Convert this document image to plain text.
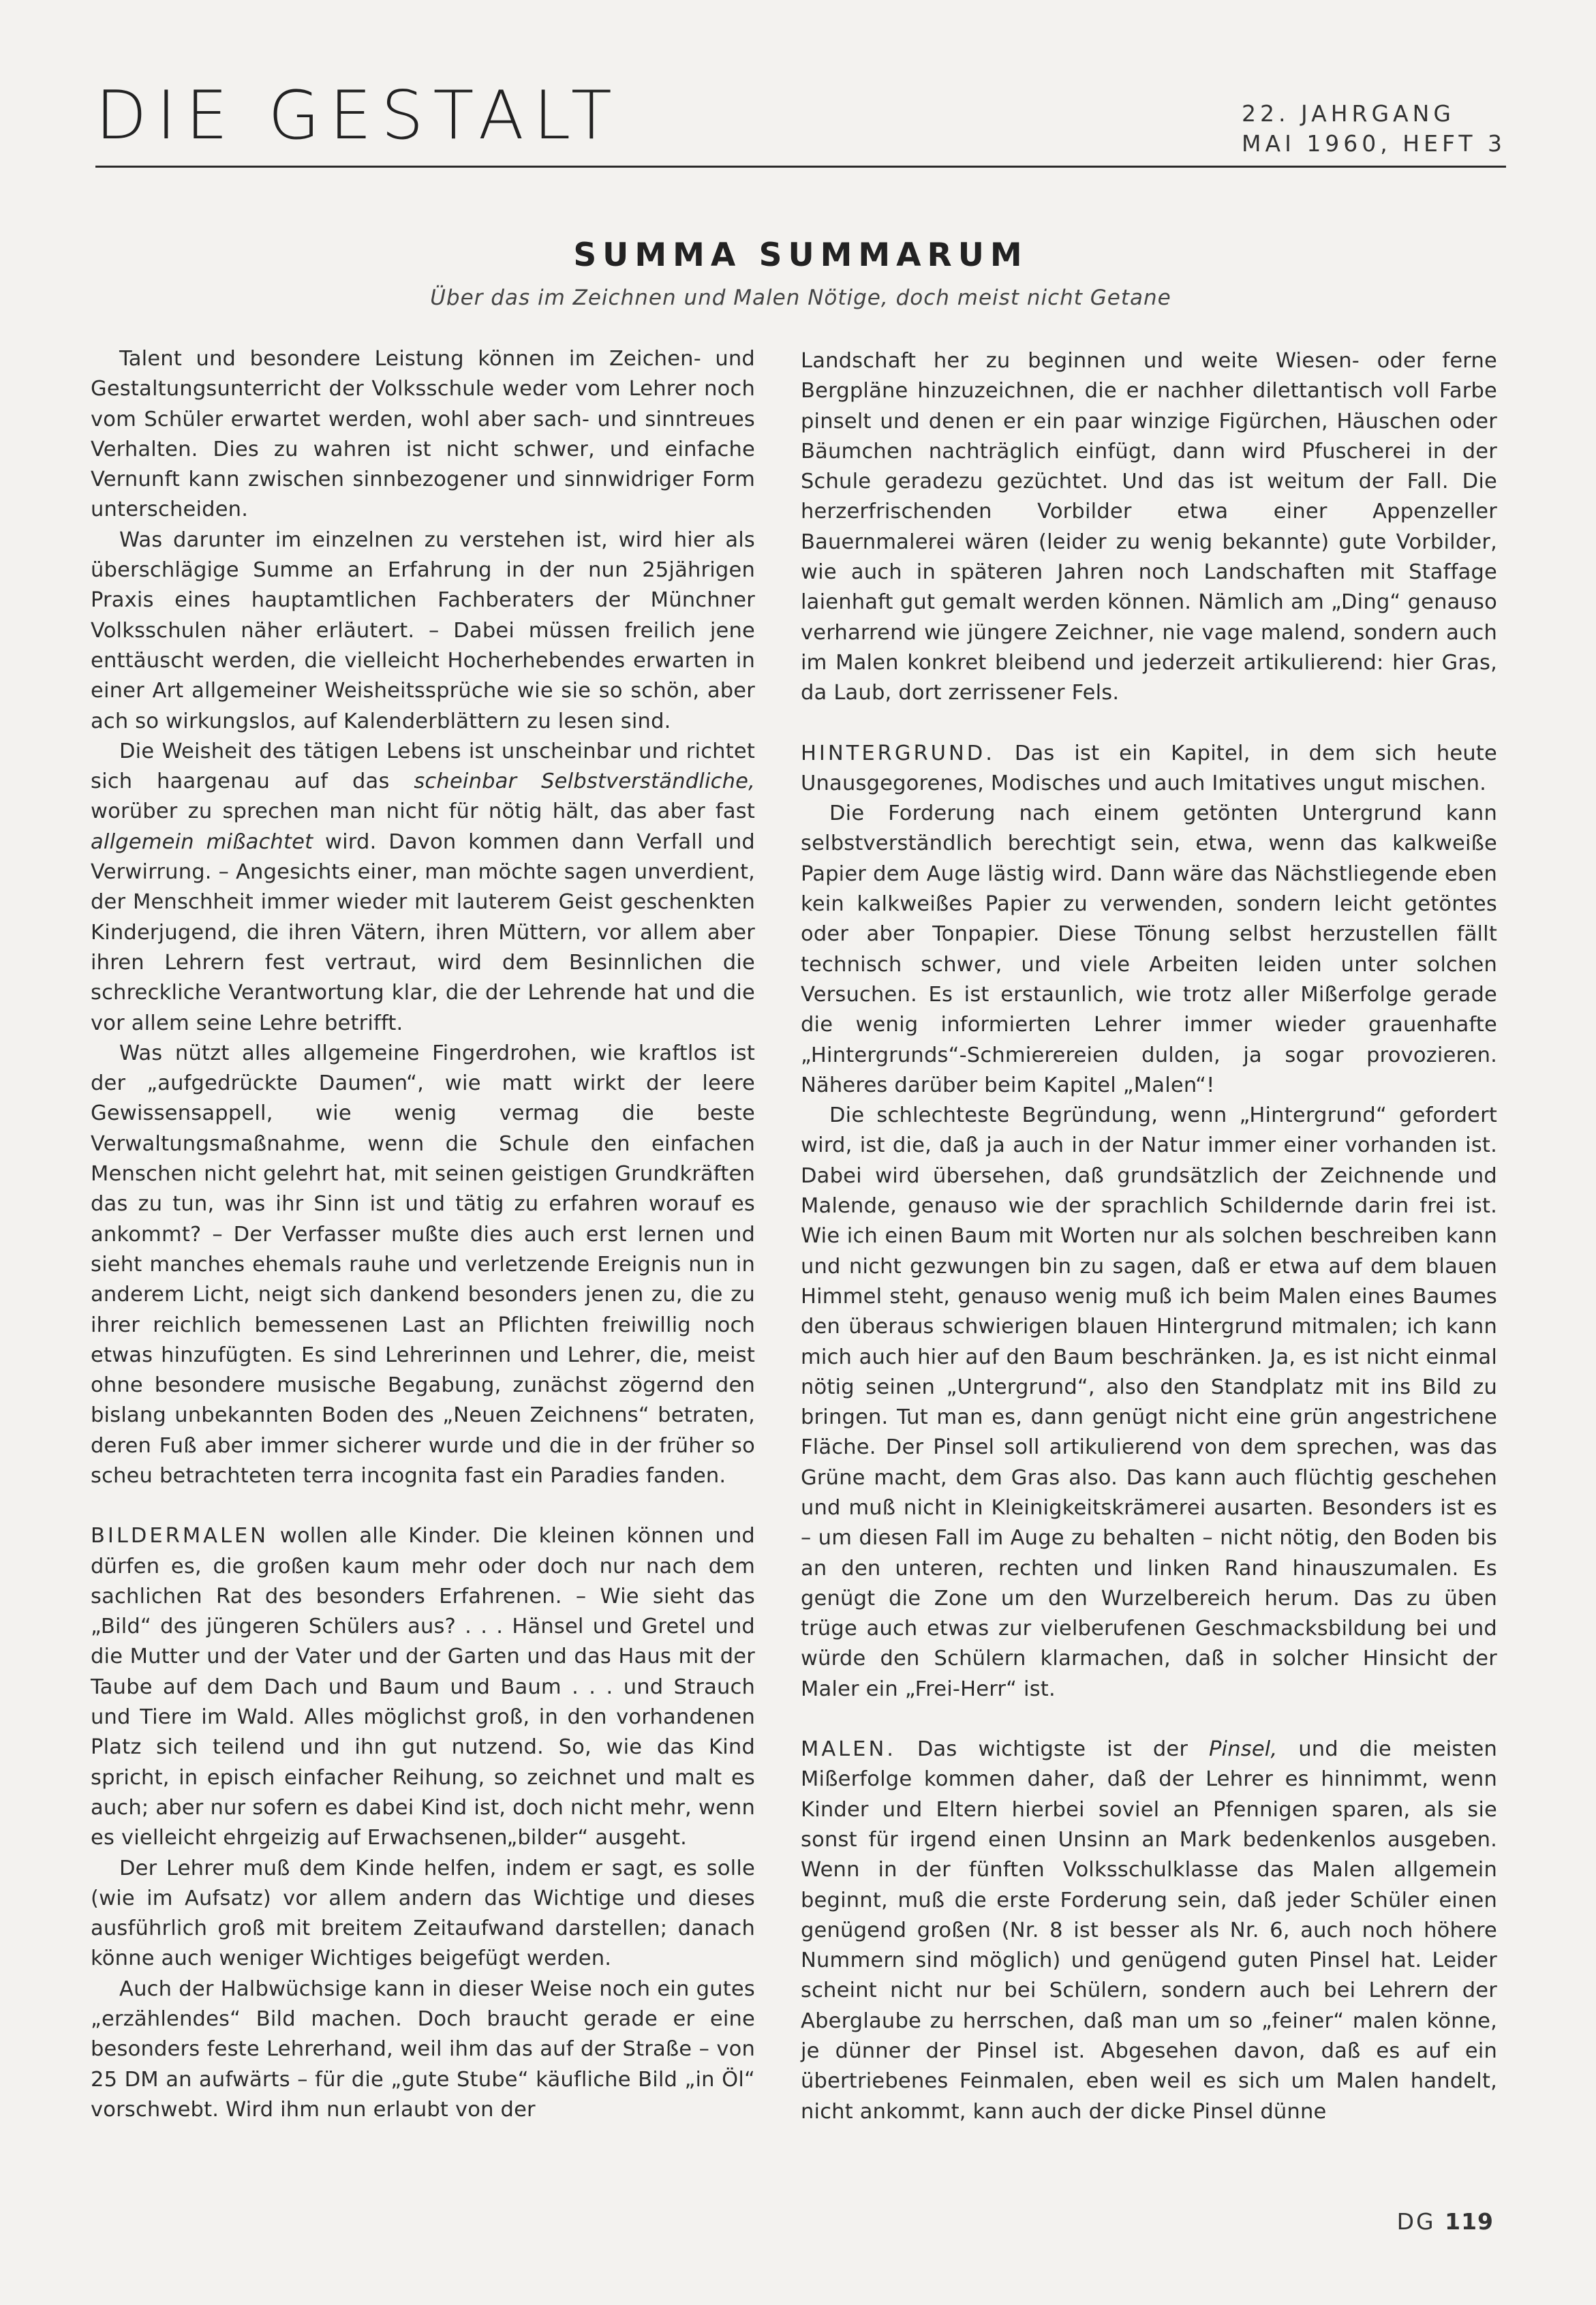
DIE GESTALT	22. JAHRGANG
MAI 1960, HEFT 3
SUMMA SUMMARUM
Über das im Zeichnen und Malen Nötige, doch meist nicht Getane

Talent und besondere Leistung können im Zeichen- und Gestaltungsunterricht der Volksschule weder vom Lehrer noch vom Schüler erwartet werden, wohl aber sach- und sinntreues Verhalten. Dies zu wahren ist nicht schwer, und einfache Vernunft kann zwischen sinnbezogener und sinnwidriger Form unterscheiden.

Was darunter im einzelnen zu verstehen ist, wird hier als überschlägige Summe an Erfahrung in der nun 25jährigen Praxis eines hauptamtlichen Fachberaters der Münchner Volksschulen näher erläutert. – Dabei müssen freilich jene enttäuscht werden, die vielleicht Hocherhebendes erwarten in einer Art allgemeiner Weisheitssprüche wie sie so schön, aber ach so wirkungslos, auf Kalenderblättern zu lesen sind.

Die Weisheit des tätigen Lebens ist unscheinbar und richtet sich haargenau auf das scheinbar Selbstverständliche, worüber zu sprechen man nicht für nötig hält, das aber fast allgemein mißachtet wird. Davon kommen dann Verfall und Verwirrung. – Angesichts einer, man möchte sagen unverdient, der Menschheit immer wieder mit lauterem Geist geschenkten Kinderjugend, die ihren Vätern, ihren Müttern, vor allem aber ihren Lehrern fest vertraut, wird dem Besinnlichen die schreckliche Verantwortung klar, die der Lehrende hat und die vor allem seine Lehre betrifft.

Was nützt alles allgemeine Fingerdrohen, wie kraftlos ist der „aufgedrückte Daumen“, wie matt wirkt der leere Gewissensappell, wie wenig vermag die beste Verwaltungsmaßnahme, wenn die Schule den einfachen Menschen nicht gelehrt hat, mit seinen geistigen Grundkräften das zu tun, was ihr Sinn ist und tätig zu erfahren worauf es ankommt? – Der Verfasser mußte dies auch erst lernen und sieht manches ehemals rauhe und verletzende Ereignis nun in anderem Licht, neigt sich dankend besonders jenen zu, die zu ihrer reichlich bemessenen Last an Pflichten freiwillig noch etwas hinzufügten. Es sind Lehrerinnen und Lehrer, die, meist ohne besondere musische Begabung, zunächst zögernd den bislang unbekannten Boden des „Neuen Zeichnens“ betraten, deren Fuß aber immer sicherer wurde und die in der früher so scheu betrachteten terra incognita fast ein Paradies fanden.

BILDERMALEN wollen alle Kinder. Die kleinen können und dürfen es, die großen kaum mehr oder doch nur nach dem sachlichen Rat des besonders Erfahrenen. – Wie sieht das „Bild“ des jüngeren Schülers aus? . . . Hänsel und Gretel und die Mutter und der Vater und der Garten und das Haus mit der Taube auf dem Dach und Baum und Baum . . . und Strauch und Tiere im Wald. Alles möglichst groß, in den vorhandenen Platz sich teilend und ihn gut nutzend. So, wie das Kind spricht, in episch einfacher Reihung, so zeichnet und malt es auch; aber nur sofern es dabei Kind ist, doch nicht mehr, wenn es vielleicht ehrgeizig auf Erwachsenen„bilder“ ausgeht.

Der Lehrer muß dem Kinde helfen, indem er sagt, es solle (wie im Aufsatz) vor allem andern das Wichtige und dieses ausführlich groß mit breitem Zeitaufwand darstellen; danach könne auch weniger Wichtiges beigefügt werden.

Auch der Halbwüchsige kann in dieser Weise noch ein gutes „erzählendes“ Bild machen. Doch braucht gerade er eine besonders feste Lehrerhand, weil ihm das auf der Straße – von 25 DM an aufwärts – für die „gute Stube“ käufliche Bild „in Öl“ vorschwebt. Wird ihm nun erlaubt von der

Landschaft her zu beginnen und weite Wiesen- oder ferne Bergpläne hinzuzeichnen, die er nachher dilettantisch voll Farbe pinselt und denen er ein paar winzige Figürchen, Häuschen oder Bäumchen nachträglich einfügt, dann wird Pfuscherei in der Schule geradezu gezüchtet. Und das ist weitum der Fall. Die herzerfrischenden Vorbilder etwa einer Appenzeller Bauernmalerei wären (leider zu wenig bekannte) gute Vorbilder, wie auch in späteren Jahren noch Landschaften mit Staffage laienhaft gut gemalt werden können. Nämlich am „Ding“ genauso verharrend wie jüngere Zeichner, nie vage malend, sondern auch im Malen konkret bleibend und jederzeit artikulierend: hier Gras, da Laub, dort zerrissener Fels.

HINTERGRUND. Das ist ein Kapitel, in dem sich heute Unausgegorenes, Modisches und auch Imitatives ungut mischen.

Die Forderung nach einem getönten Untergrund kann selbstverständlich berechtigt sein, etwa, wenn das kalkweiße Papier dem Auge lästig wird. Dann wäre das Nächstliegende eben kein kalkweißes Papier zu verwenden, sondern leicht getöntes oder aber Tonpapier. Diese Tönung selbst herzustellen fällt technisch schwer, und viele Arbeiten leiden unter solchen Versuchen. Es ist erstaunlich, wie trotz aller Mißerfolge gerade die wenig informierten Lehrer immer wieder grauenhafte „Hintergrunds“-Schmierereien dulden, ja sogar provozieren. Näheres darüber beim Kapitel „Malen“!

Die schlechteste Begründung, wenn „Hintergrund“ gefordert wird, ist die, daß ja auch in der Natur immer einer vorhanden ist. Dabei wird übersehen, daß grundsätzlich der Zeichnende und Malende, genauso wie der sprachlich Schildernde darin frei ist. Wie ich einen Baum mit Worten nur als solchen beschreiben kann und nicht gezwungen bin zu sagen, daß er etwa auf dem blauen Himmel steht, genauso wenig muß ich beim Malen eines Baumes den überaus schwierigen blauen Hintergrund mitmalen; ich kann mich auch hier auf den Baum beschränken. Ja, es ist nicht einmal nötig seinen „Untergrund“, also den Standplatz mit ins Bild zu bringen. Tut man es, dann genügt nicht eine grün angestrichene Fläche. Der Pinsel soll artikulierend von dem sprechen, was das Grüne macht, dem Gras also. Das kann auch flüchtig geschehen und muß nicht in Kleinigkeitskrämerei ausarten. Besonders ist es – um diesen Fall im Auge zu behalten – nicht nötig, den Boden bis an den unteren, rechten und linken Rand hinauszumalen. Es genügt die Zone um den Wurzelbereich herum. Das zu üben trüge auch etwas zur vielberufenen Geschmacksbildung bei und würde den Schülern klarmachen, daß in solcher Hinsicht der Maler ein „Frei-Herr“ ist.

MALEN. Das wichtigste ist der Pinsel, und die meisten Mißerfolge kommen daher, daß der Lehrer es hinnimmt, wenn Kinder und Eltern hierbei soviel an Pfennigen sparen, als sie sonst für irgend einen Unsinn an Mark bedenkenlos ausgeben. Wenn in der fünften Volksschulklasse das Malen allgemein beginnt, muß die erste Forderung sein, daß jeder Schüler einen genügend großen (Nr. 8 ist besser als Nr. 6, auch noch höhere Nummern sind möglich) und genügend guten Pinsel hat. Leider scheint nicht nur bei Schülern, sondern auch bei Lehrern der Aberglaube zu herrschen, daß man um so „feiner“ malen könne, je dünner der Pinsel ist. Abgesehen davon, daß es auf ein übertriebenes Feinmalen, eben weil es sich um Malen handelt, nicht ankommt, kann auch der dicke Pinsel dünne

DG 119
